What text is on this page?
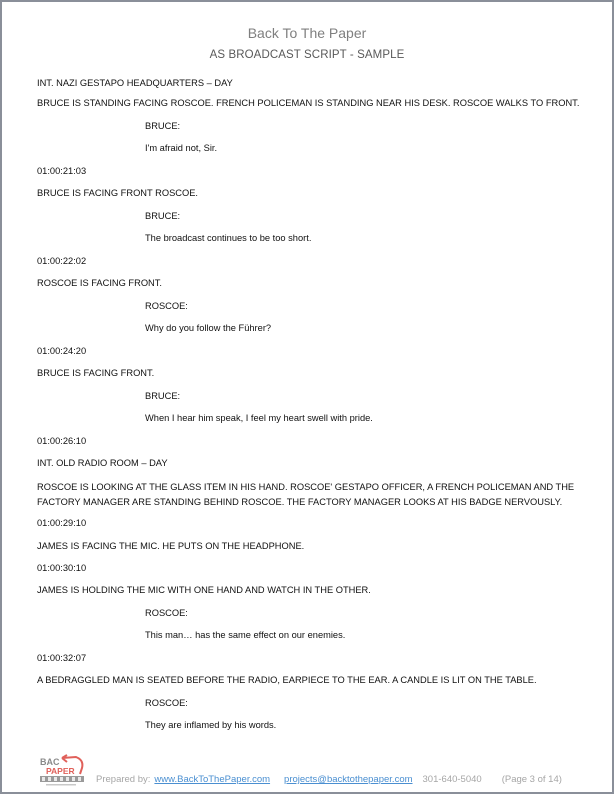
Back To The Paper
AS BROADCAST SCRIPT - SAMPLE
INT. NAZI GESTAPO HEADQUARTERS – DAY
BRUCE IS STANDING FACING ROSCOE. FRENCH POLICEMAN IS STANDING NEAR HIS DESK. ROSCOE WALKS TO FRONT.
BRUCE:
I'm afraid not, Sir.
01:00:21:03
BRUCE IS FACING FRONT ROSCOE.
BRUCE:
The broadcast continues to be too short.
01:00:22:02
ROSCOE IS FACING FRONT.
ROSCOE:
Why do you follow the Führer?
01:00:24:20
BRUCE IS FACING FRONT.
BRUCE:
When I hear him speak, I feel my heart swell with pride.
01:00:26:10
INT. OLD RADIO ROOM – DAY
ROSCOE IS LOOKING AT THE GLASS ITEM IN HIS HAND. ROSCOE' GESTAPO OFFICER, A FRENCH POLICEMAN AND THE FACTORY MANAGER ARE STANDING BEHIND ROSCOE. THE FACTORY MANAGER LOOKS AT HIS BADGE NERVOUSLY.
01:00:29:10
JAMES IS FACING THE MIC. HE PUTS ON THE HEADPHONE.
01:00:30:10
JAMES IS HOLDING THE MIC WITH ONE HAND AND WATCH IN THE OTHER.
ROSCOE:
This man… has the same effect on our enemies.
01:00:32:07
A BEDRAGGLED MAN IS SEATED BEFORE THE RADIO, EARPIECE TO THE EAR. A CANDLE IS LIT ON THE TABLE.
ROSCOE:
They are inflamed by his words.
BAC
PAPER
Prepared by: www.BackToThePaper.com projects@backtothepaper.com 301-640-5040 (Page 3 of 14)
